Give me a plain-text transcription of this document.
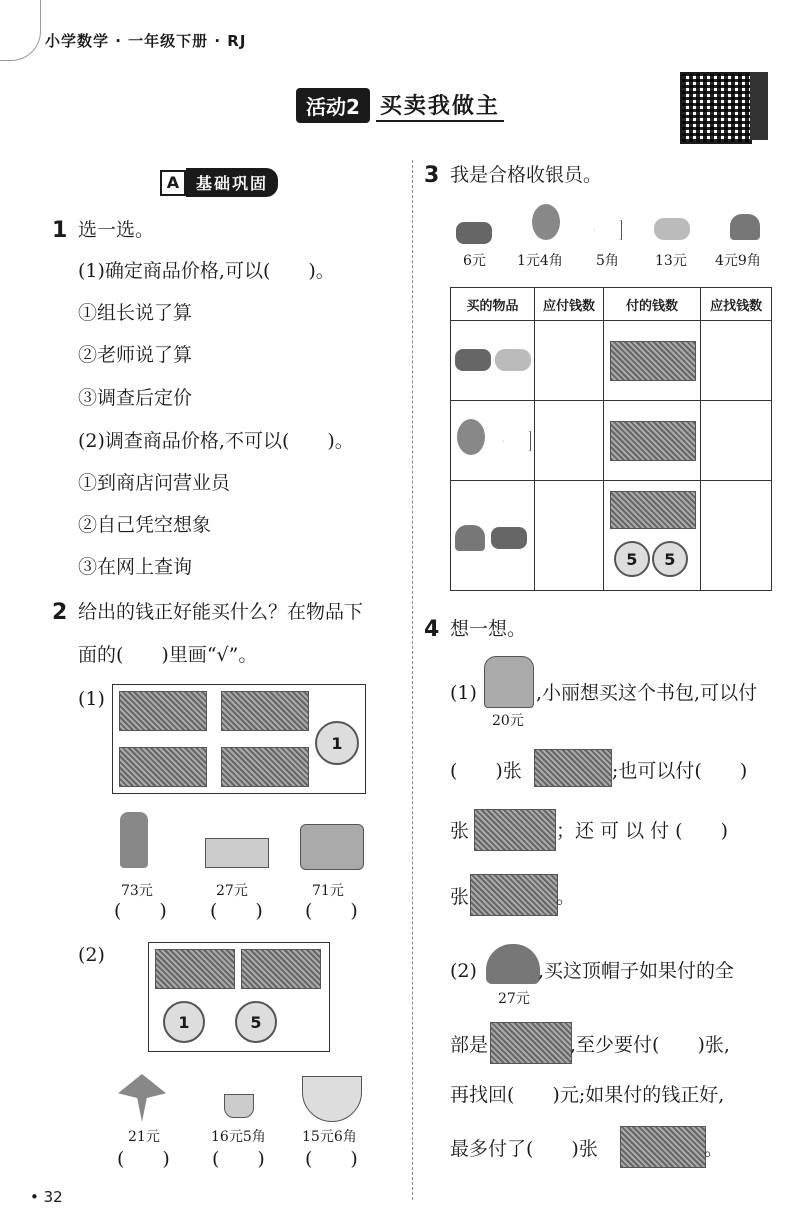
小学数学 · 一年级下册 · RJ
活动2 买卖我做主
A	基础巩固
1 选一选。
(1)确定商品价格,可以(　　)。
①组长说了算
②老师说了算
③调查后定价
(2)调查商品价格,不可以(　　)。
①到商店问营业员
②自己凭空想象
③在网上查询
2 给出的钱正好能买什么？在物品下
面的(　　)里画“√”。
(1)
1
73元	27元	71元
(　　) (　　) (　　)
(2)
1	5
21元	16元5角	15元6角
(　　) (　　) (　　)
3 我是合格收银员。
6元 1元4角 5角	13元 4元9角
买的物品	应付钱数	付的钱数	应找钱数

5 5	

4 想一想。
(1)
20元
,小丽想买这个书包,可以付
(　　)张	;也可以付(　　)
张	；还 可 以 付 (　　)
张	。
(2)
27元
,买这顶帽子如果付的全
部是	,至少要付(　　)张,
再找回(　　)元;如果付的钱正好,
最多付了(　　)张	。
• 32
